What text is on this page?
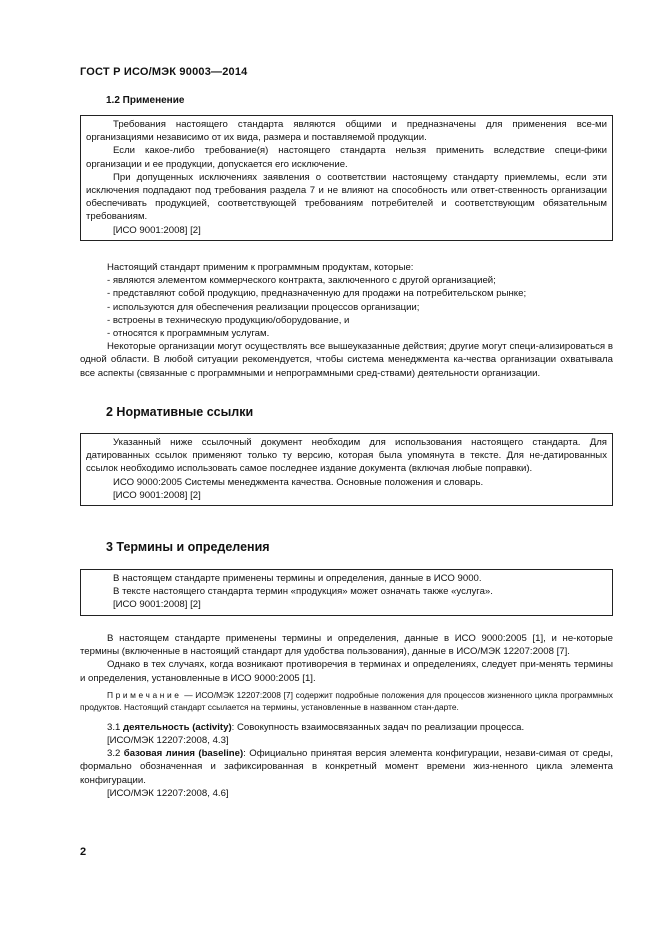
ГОСТ Р ИСО/МЭК 90003—2014
1.2 Применение

Требования настоящего стандарта являются общими и предназначены для применения все-ми организациями независимо от их вида, размера и поставляемой продукции.

Если какое-либо требование(я) настоящего стандарта нельзя применить вследствие специ-фики организации и ее продукции, допускается его исключение.

При допущенных исключениях заявления о соответствии настоящему стандарту приемлемы, если эти исключения подпадают под требования раздела 7 и не влияют на способность или ответ-ственность организации обеспечивать продукцией, соответствующей требованиям потребителей и соответствующим обязательным требованиям.

[ИСО 9001:2008] [2]

Настоящий стандарт применим к программным продуктам, которые:

- являются элементом коммерческого контракта, заключенного с другой организацией;

- представляют собой продукцию, предназначенную для продажи на потребительском рынке;

- используются для обеспечения реализации процессов организации;

- встроены в техническую продукцию/оборудование, и

- относятся к программным услугам.

Некоторые организации могут осуществлять все вышеуказанные действия; другие могут специ-ализироваться в одной области. В любой ситуации рекомендуется, чтобы система менеджмента ка-чества организации охватывала все аспекты (связанные с программными и непрограммными сред-ствами) деятельности организации.

2 Нормативные ссылки

Указанный ниже ссылочный документ необходим для использования настоящего стандарта. Для датированных ссылок применяют только ту версию, которая была упомянута в тексте. Для не-датированных ссылок необходимо использовать самое последнее издание документа (включая любые поправки).

ИСО 9000:2005 Системы менеджмента качества. Основные положения и словарь.

[ИСО 9001:2008] [2]

3 Термины и определения

В настоящем стандарте применены термины и определения, данные в ИСО 9000.

В тексте настоящего стандарта термин «продукция» может означать также «услуга».

[ИСО 9001:2008] [2]

В настоящем стандарте применены термины и определения, данные в ИСО 9000:2005 [1], и не-которые термины (включенные в настоящий стандарт для удобства пользования), данные в ИСО/МЭК 12207:2008 [7].

Однако в тех случаях, когда возникают противоречия в терминах и определениях, следует при-менять термины и определения, установленные в ИСО 9000:2005 [1].

Примечание — ИСО/МЭК 12207:2008 [7] содержит подробные положения для процессов жизненного цикла программных продуктов. Настоящий стандарт ссылается на термины, установленные в названном стан-дарте.

3.1 деятельность (activity): Совокупность взаимосвязанных задач по реализации процесса.

[ИСО/МЭК 12207:2008, 4.3]

3.2 базовая линия (baseline): Официально принятая версия элемента конфигурации, незави-симая от среды, формально обозначенная и зафиксированная в конкретный момент времени жиз-ненного цикла элемента конфигурации.

[ИСО/МЭК 12207:2008, 4.6]

2
